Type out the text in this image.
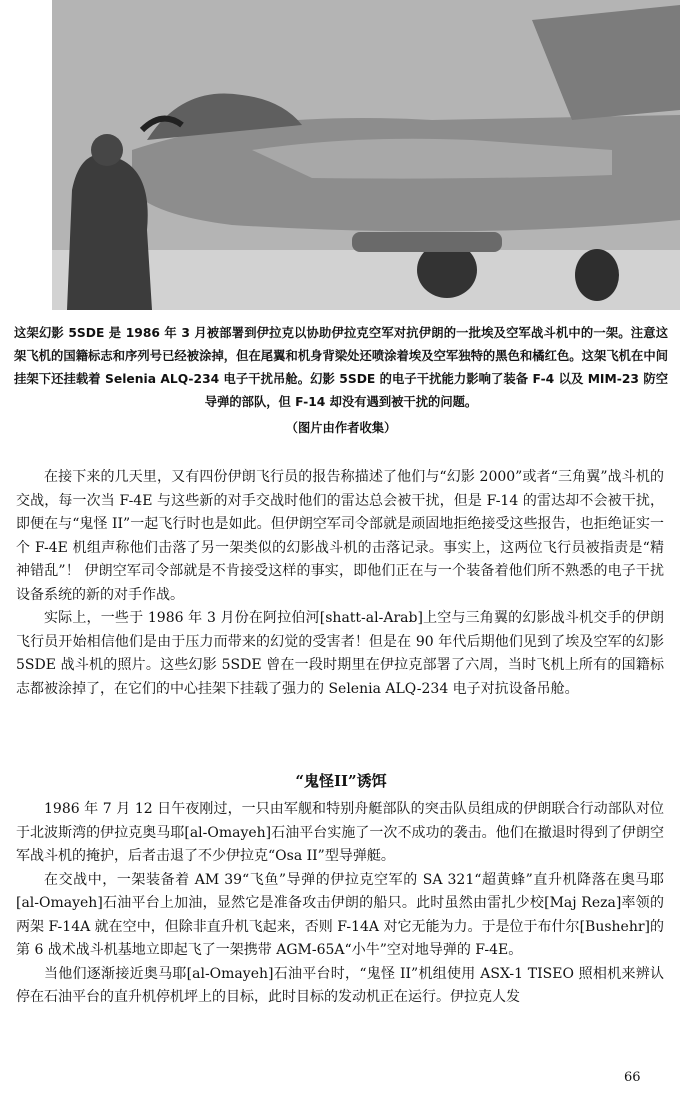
这架幻影 5SDE 是 1986 年 3 月被部署到伊拉克以协助伊拉克空军对抗伊朗的一批埃及空军战斗机中的一架。注意这架飞机的国籍标志和序列号已经被涂掉，但在尾翼和机身背梁处还喷涂着埃及空军独特的黑色和橘红色。这架飞机在中间挂架下还挂载着 Selenia ALQ-234 电子干扰吊舱。幻影 5SDE 的电子干扰能力影响了装备 F-4 以及 MIM-23 防空导弹的部队，但 F-14 却没有遇到被干扰的问题。
（图片由作者收集）

在接下来的几天里，又有四份伊朗飞行员的报告称描述了他们与“幻影 2000”或者“三角翼”战斗机的交战，每一次当 F-4E 与这些新的对手交战时他们的雷达总会被干扰，但是 F-14 的雷达却不会被干扰，即便在与“鬼怪 II”一起飞行时也是如此。但伊朗空军司令部就是顽固地拒绝接受这些报告，也拒绝证实一个 F-4E 机组声称他们击落了另一架类似的幻影战斗机的击落记录。事实上，这两位飞行员被指责是“精神错乱”！ 伊朗空军司令部就是不肯接受这样的事实，即他们正在与一个装备着他们所不熟悉的电子干扰设备系统的新的对手作战。

实际上，一些于 1986 年 3 月份在阿拉伯河[shatt-al-Arab]上空与三角翼的幻影战斗机交手的伊朗飞行员开始相信他们是由于压力而带来的幻觉的受害者！但是在 90 年代后期他们见到了埃及空军的幻影 5SDE 战斗机的照片。这些幻影 5SDE 曾在一段时期里在伊拉克部署了六周，当时飞机上所有的国籍标志都被涂掉了，在它们的中心挂架下挂载了强力的 Selenia ALQ-234 电子对抗设备吊舱。

“鬼怪II”诱饵

1986 年 7 月 12 日午夜刚过，一只由军舰和特别舟艇部队的突击队员组成的伊朗联合行动部队对位于北波斯湾的伊拉克奥马耶[al-Omayeh]石油平台实施了一次不成功的袭击。他们在撤退时得到了伊朗空军战斗机的掩护，后者击退了不少伊拉克“Osa II”型导弹艇。

在交战中，一架装备着 AM 39“飞鱼”导弹的伊拉克空军的 SA 321“超黄蜂”直升机降落在奥马耶[al-Omayeh]石油平台上加油，显然它是准备攻击伊朗的船只。此时虽然由雷扎少校[Maj Reza]率领的两架 F-14A 就在空中，但除非直升机飞起来，否则 F-14A 对它无能为力。于是位于布什尔[Bushehr]的第 6 战术战斗机基地立即起飞了一架携带 AGM-65A“小牛”空对地导弹的 F-4E。

当他们逐渐接近奥马耶[al-Omayeh]石油平台时，“鬼怪 II”机组使用 ASX-1 TISEO 照相机来辨认停在石油平台的直升机停机坪上的目标，此时目标的发动机正在运行。伊拉克人发

66
